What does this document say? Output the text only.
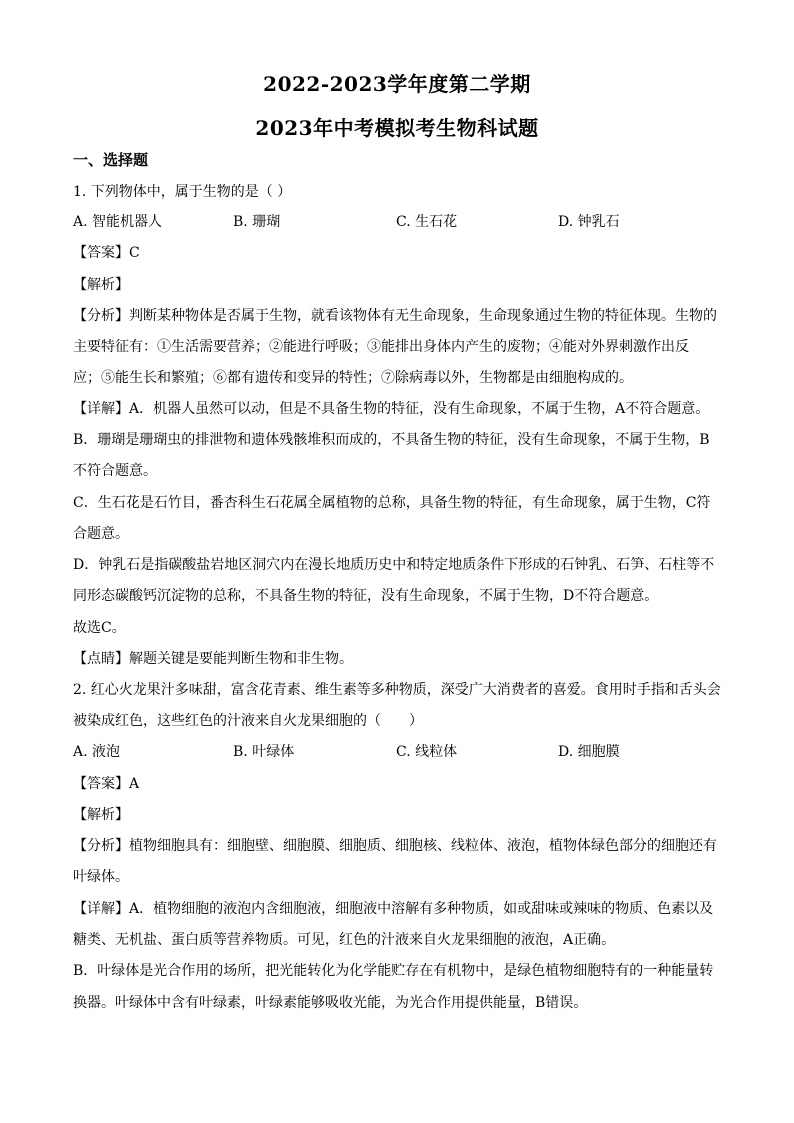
2022-2023学年度第二学期
2023年中考模拟考生物科试题
一、选择题
1. 下列物体中，属于生物的是（ ）
A. 智能机器人	B. 珊瑚	C. 生石花	D. 钟乳石
【答案】C
【解析】
【分析】判断某种物体是否属于生物，就看该物体有无生命现象，生命现象通过生物的特征体现。生物的
主要特征有：①生活需要营养；②能进行呼吸；③能排出身体内产生的废物；④能对外界刺激作出反
应；⑤能生长和繁殖；⑥都有遗传和变异的特性；⑦除病毒以外，生物都是由细胞构成的。
【详解】A．机器人虽然可以动，但是不具备生物的特征，没有生命现象，不属于生物，A不符合题意。
B．珊瑚是珊瑚虫的排泄物和遗体残骸堆积而成的，不具备生物的特征，没有生命现象，不属于生物，B
不符合题意。
C．生石花是石竹目，番杏科生石花属全属植物的总称，具备生物的特征，有生命现象，属于生物，C符
合题意。
D．钟乳石是指碳酸盐岩地区洞穴内在漫长地质历史中和特定地质条件下形成的石钟乳、石笋、石柱等不
同形态碳酸钙沉淀物的总称，不具备生物的特征，没有生命现象，不属于生物，D不符合题意。
故选C。
【点睛】解题关键是要能判断生物和非生物。
2. 红心火龙果汁多味甜，富含花青素、维生素等多种物质，深受广大消费者的喜爱。食用时手指和舌头会
被染成红色，这些红色的汁液来自火龙果细胞的（　　）
A. 液泡	B. 叶绿体	C. 线粒体	D. 细胞膜
【答案】A
【解析】
【分析】植物细胞具有：细胞壁、细胞膜、细胞质、细胞核、线粒体、液泡，植物体绿色部分的细胞还有
叶绿体。
【详解】A．植物细胞的液泡内含细胞液，细胞液中溶解有多种物质，如或甜味或辣味的物质、色素以及
糖类、无机盐、蛋白质等营养物质。可见，红色的汁液来自火龙果细胞的液泡，A正确。
B．叶绿体是光合作用的场所，把光能转化为化学能贮存在有机物中，是绿色植物细胞特有的一种能量转
换器。叶绿体中含有叶绿素，叶绿素能够吸收光能，为光合作用提供能量，B错误。
